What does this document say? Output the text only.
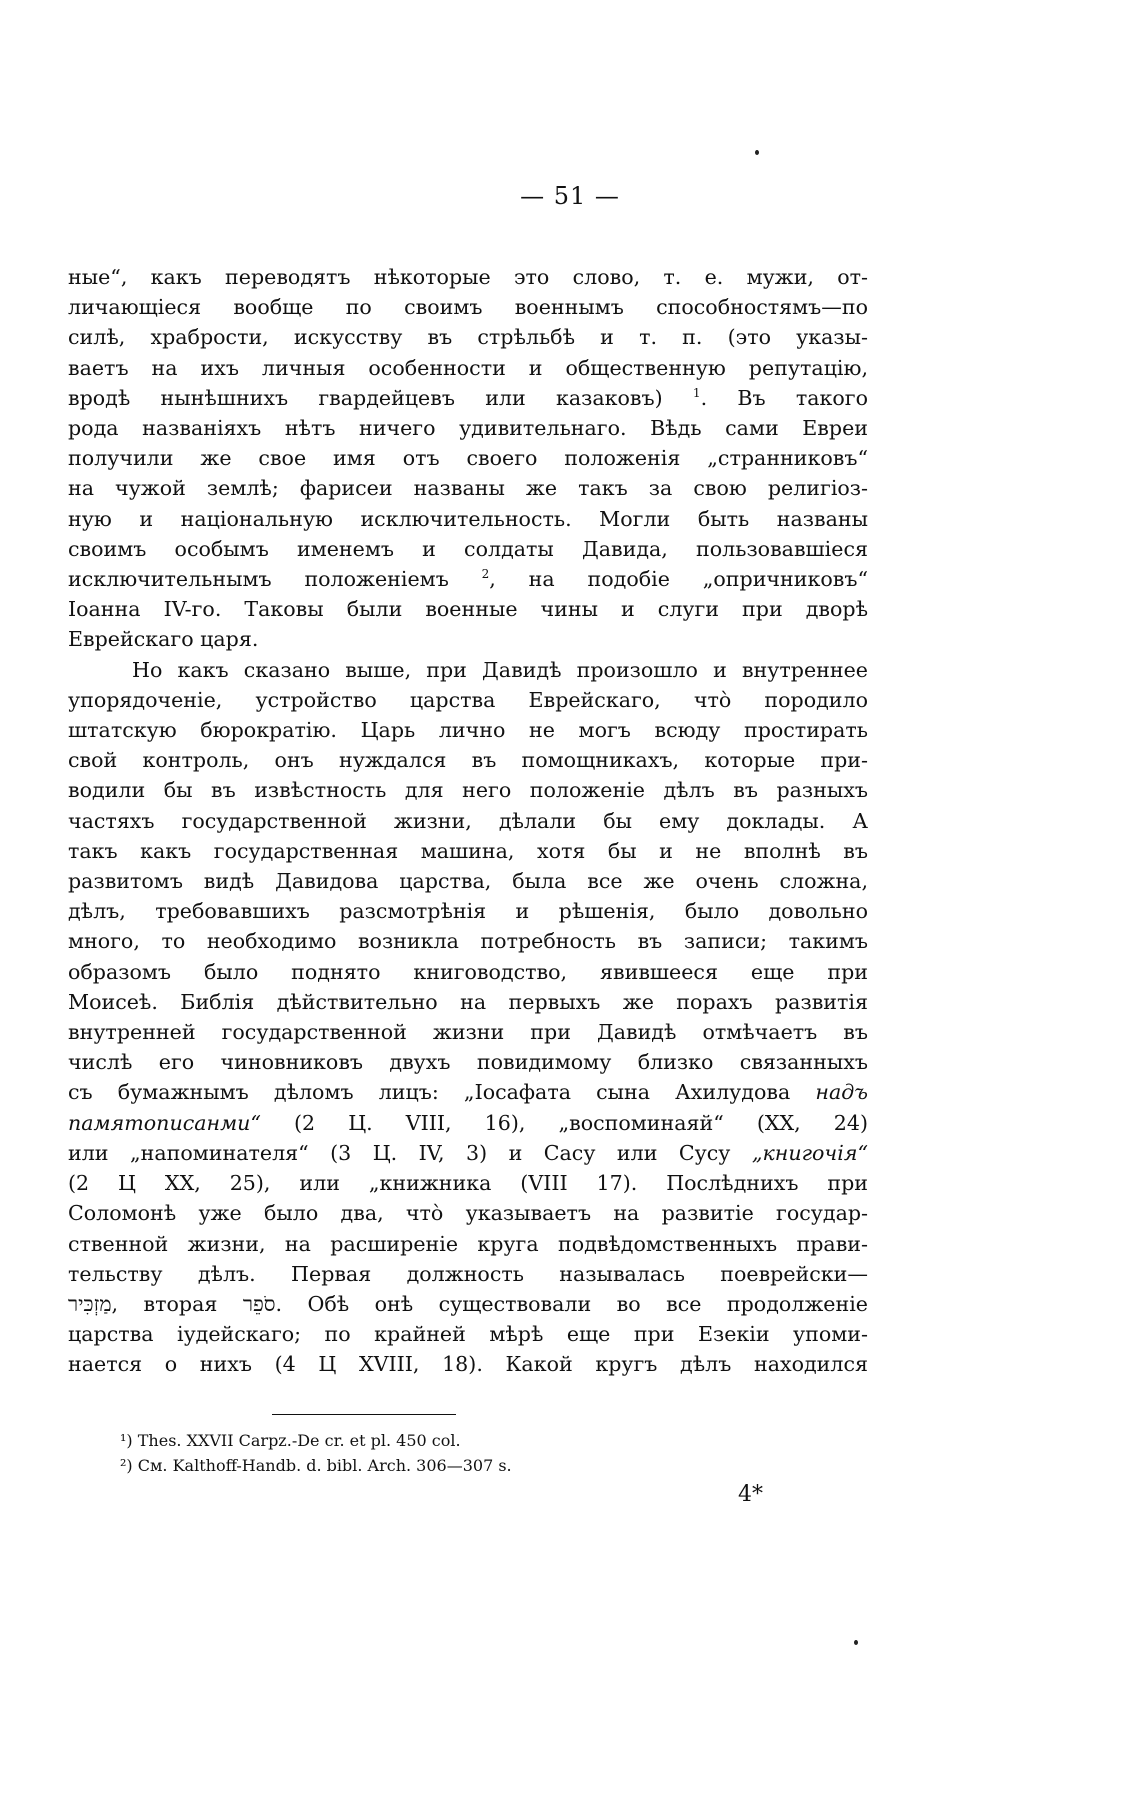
— 51 —
ные“, какъ переводятъ нѣкоторые это слово, т. е. мужи, от-
личающіеся вообще по своимъ военнымъ способностямъ—по
силѣ, храбрости, искусству въ стрѣльбѣ и т. п. (это указы-
ваетъ на ихъ личныя особенности и общественную репутацію,
вродѣ нынѣшнихъ гвардейцевъ или казаковъ)	$^1$. Въ такого
рода названіяхъ нѣтъ ничего удивительнаго. Вѣдь сами Евреи
получили же свое имя отъ своего положенія „странниковъ“
на чужой землѣ; фарисеи названы же такъ за свою религіоз-
ную и національную исключительность. Могли быть названы
своимъ особымъ именемъ и солдаты Давида, пользовавшіеся
исключительнымъ положеніемъ	$^2$, на подобіе „опричниковъ“
Іоанна IV-го. Таковы были военные чины и слуги при дворѣ
Еврейскаго царя.
Но какъ сказано выше, при Давидѣ произошло и внутреннее
упорядоченіе, устройство царства Еврейскаго, что̀ породило
штатскую бюрократію. Царь лично не могъ всюду простирать
свой контроль, онъ нуждался въ помощникахъ, которые при-
водили бы въ извѣстность для него положеніе дѣлъ въ разныхъ
частяхъ государственной жизни, дѣлали бы ему доклады. А
такъ какъ государственная машина, хотя бы и не вполнѣ въ
развитомъ видѣ Давидова царства, была все же очень сложна,
дѣлъ, требовавшихъ разсмотрѣнія и рѣшенія, было довольно
много, то необходимо возникла потребность въ записи; такимъ
образомъ было поднято книговодство, явившееся еще при
Моисеѣ. Библія дѣйствительно на первыхъ же порахъ развитія
внутренней государственной жизни при Давидѣ отмѣчаетъ въ
числѣ его чиновниковъ двухъ повидимому близко связанныхъ
съ бумажнымъ дѣломъ лицъ: „Іосафата сына Ахилудова надъ
памятописанми“ (2 Ц. VIII, 16), „воспоминаяй“ (XX, 24)
или „напоминателя“ (3 Ц. IV, 3) и Сасу или Сусу „книгочія“
(2 Ц XX, 25), или „книжника (VIII 17). Послѣднихъ при
Соломонѣ уже было два, что̀ указываетъ на развитіе государ-
ственной жизни, на расширеніе круга подвѣдомственныхъ прави-
тельству дѣлъ. Первая должность называлась поеврейски—
מַזְכִּיר, вторая סֹפֵר. Обѣ онѣ существовали во все продолженіе
царства іудейскаго; по крайней мѣрѣ еще при Езекіи упоми-
нается о нихъ (4 Ц XVIII, 18). Какой кругъ дѣлъ находился
¹) Thes. XXVII Carpz.-De cr. et pl. 450 col.
²) См. Kalthoff-Handb. d. bibl. Arch. 306—307 s.
4*
